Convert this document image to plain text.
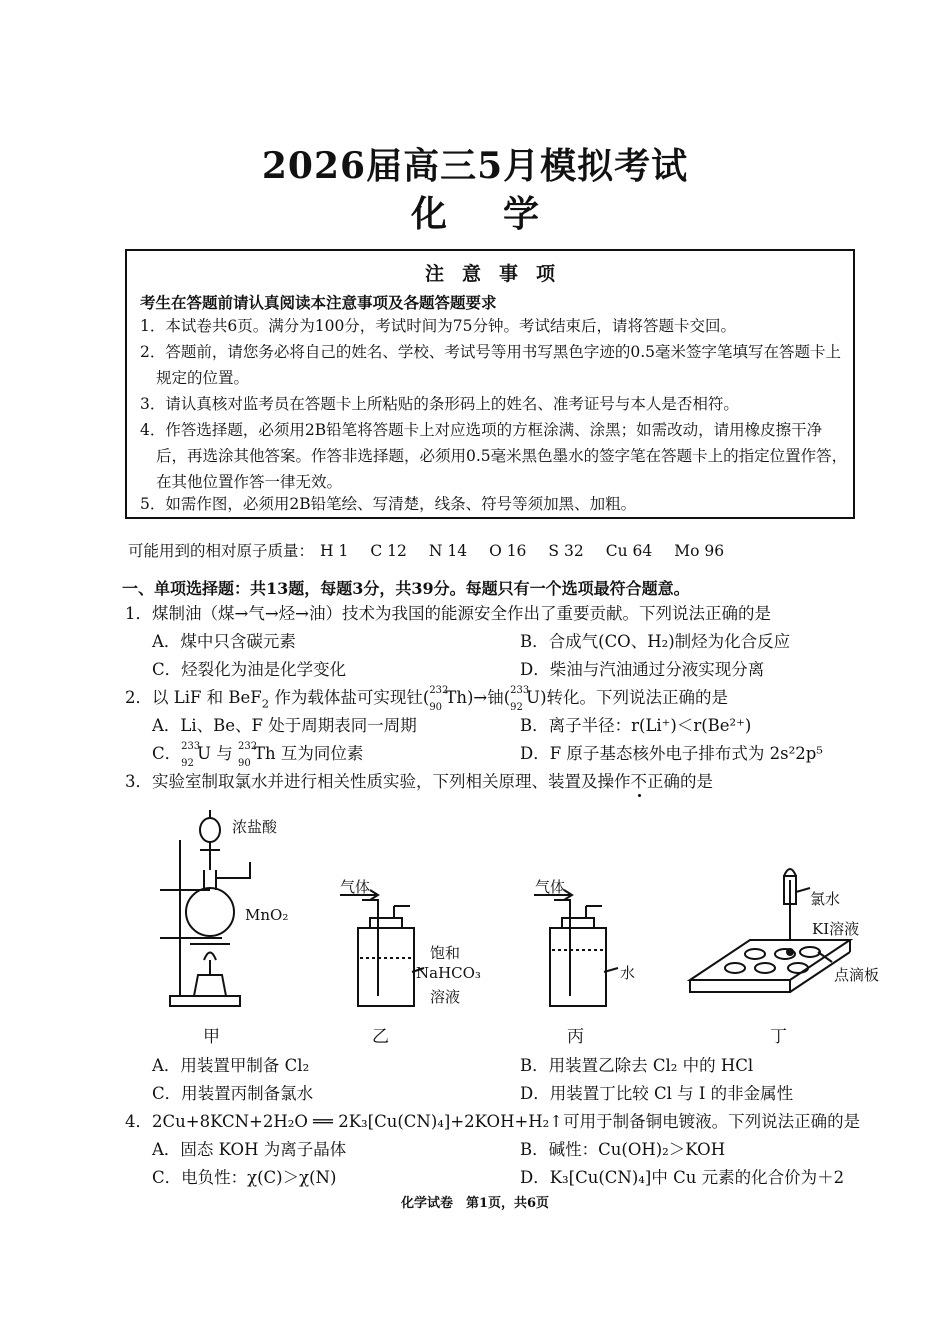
2026届高三5月模拟考试
化学
注意事项
考生在答题前请认真阅读本注意事项及各题答题要求
1．本试卷共6页。满分为100分，考试时间为75分钟。考试结束后，请将答题卡交回。
2．答题前，请您务必将自己的姓名、学校、考试号等用书写黑色字迹的0.5毫米签字笔填写在答题卡上规定的位置。
3．请认真核对监考员在答题卡上所粘贴的条形码上的姓名、准考证号与本人是否相符。
4．作答选择题，必须用2B铅笔将答题卡上对应选项的方框涂满、涂黑；如需改动，请用橡皮擦干净后，再选涂其他答案。作答非选择题，必须用0.5毫米黑色墨水的签字笔在答题卡上的指定位置作答，在其他位置作答一律无效。
5．如需作图，必须用2B铅笔绘、写清楚，线条、符号等须加黑、加粗。
可能用到的相对原子质量： H 1 C 12 N 14 O 16 S 32 Cu 64 Mo 96
一、单项选择题：共13题，每题3分，共39分。每题只有一个选项最符合题意。
1．煤制油（煤→气→烃→油）技术为我国的能源安全作出了重要贡献。下列说法正确的是
A．煤中只含碳元素	B．合成气(CO、H₂)制烃为化合反应
C．烃裂化为油是化学变化	D．柴油与汽油通过分液实现分离
2．以 LiF 和 BeF$_2$ 作为载体盐可实现钍( 232
90 Th)→铀( 233
92 U)转化。下列说法正确的是
A．Li、Be、F 处于周期表同一周期	B．离子半径：r(Li⁺)＜r(Be²⁺)
C． 233
92 U 与 232
90 Th 互为同位素	D．F 原子基态核外电子排布式为 2s²2p⁵
3．实验室制取氯水并进行相关性质实验，下列相关原理、装置及操作不正确的是
浓盐酸
MnO₂
气体
饱和
NaHCO₃
溶液
气体
水
氯水
KI溶液
点滴板
甲	乙	丙	丁
A．用装置甲制备 Cl₂	B．用装置乙除去 Cl₂ 中的 HCl
C．用装置丙制备氯水	D．用装置丁比较 Cl 与 I 的非金属性
4．2Cu+8KCN+2H₂O ══ 2K₃[Cu(CN)₄]+2KOH+H₂↑可用于制备铜电镀液。下列说法正确的是
A．固态 KOH 为离子晶体	B．碱性：Cu(OH)₂＞KOH
C．电负性：χ(C)＞χ(N)	D．K₃[Cu(CN)₄]中 Cu 元素的化合价为＋2
化学试卷　第1页，共6页
